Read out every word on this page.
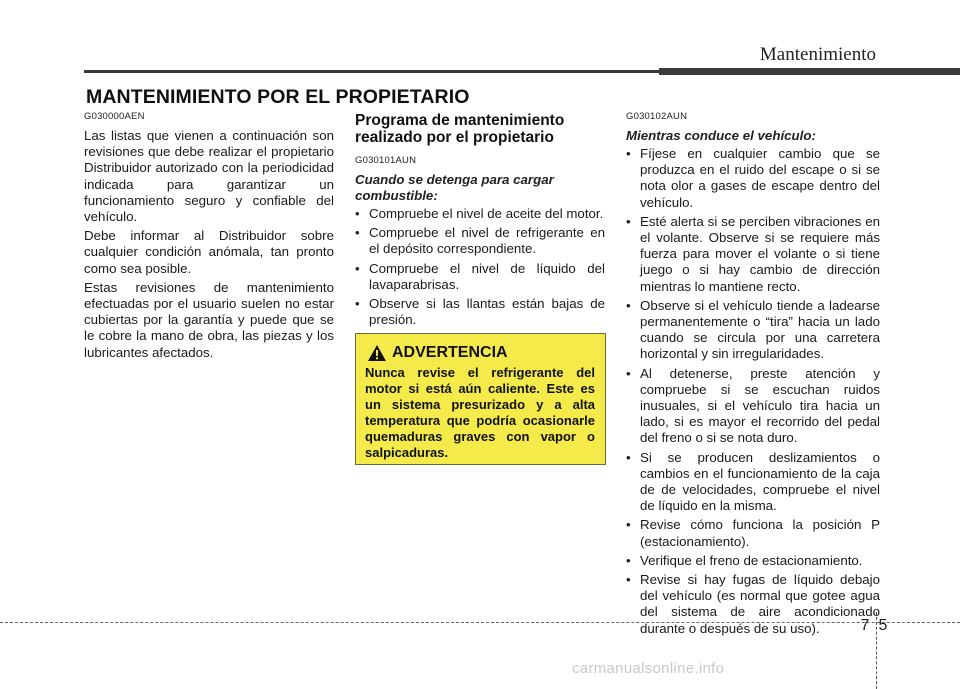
Mantenimiento
MANTENIMIENTO POR EL PROPIETARIO
G030000AEN

Las listas que vienen a continuación son revisiones que debe realizar el propietario Distribuidor autorizado con la periodicidad indicada para garantizar un funcionamiento seguro y confiable del vehículo.

Debe informar al Distribuidor sobre cualquier condición anómala, tan pronto como sea posible.

Estas revisiones de mantenimiento efectuadas por el usuario suelen no estar cubiertas por la garantía y puede que se le cobre la mano de obra, las piezas y los lubricantes afectados.

Programa de mantenimiento realizado por el propietario
G030101AUN
Cuando se detenga para cargar combustible:
• Compruebe el nivel de aceite del motor.
• Compruebe el nivel de refrigerante en el depósito correspondiente.
• Compruebe el nivel de líquido del lavaparabrisas.
• Observe si las llantas están bajas de presión.
ADVERTENCIA
Nunca revise el refrigerante del motor si está aún caliente. Este es un sistema presurizado y a alta temperatura que podría ocasionarle quemaduras graves con vapor o salpicaduras.
G030102AUN
Mientras conduce el vehículo:
• Fíjese en cualquier cambio que se produzca en el ruido del escape o si se nota olor a gases de escape dentro del vehículo.
• Esté alerta si se perciben vibraciones en el volante. Observe si se requiere más fuerza para mover el volante o si tiene juego o si hay cambio de dirección mientras lo mantiene recto.
• Observe si el vehículo tiende a ladearse permanentemente o “tira” hacia un lado cuando se circula por una carretera horizontal y sin irregularidades.
• Al detenerse, preste atención y compruebe si se escuchan ruidos inusuales, si el vehículo tira hacia un lado, si es mayor el recorrido del pedal del freno o si se nota duro.
• Si se producen deslizamientos o cambios en el funcionamiento de la caja de de velocidades, compruebe el nivel de líquido en la misma.
• Revise cómo funciona la posición P (estacionamiento).
• Verifique el freno de estacionamiento.
• Revise si hay fugas de líquido debajo del vehículo (es normal que gotee agua del sistema de aire acondicionado durante o después de su uso).	7 5
carmanualsonline.info
